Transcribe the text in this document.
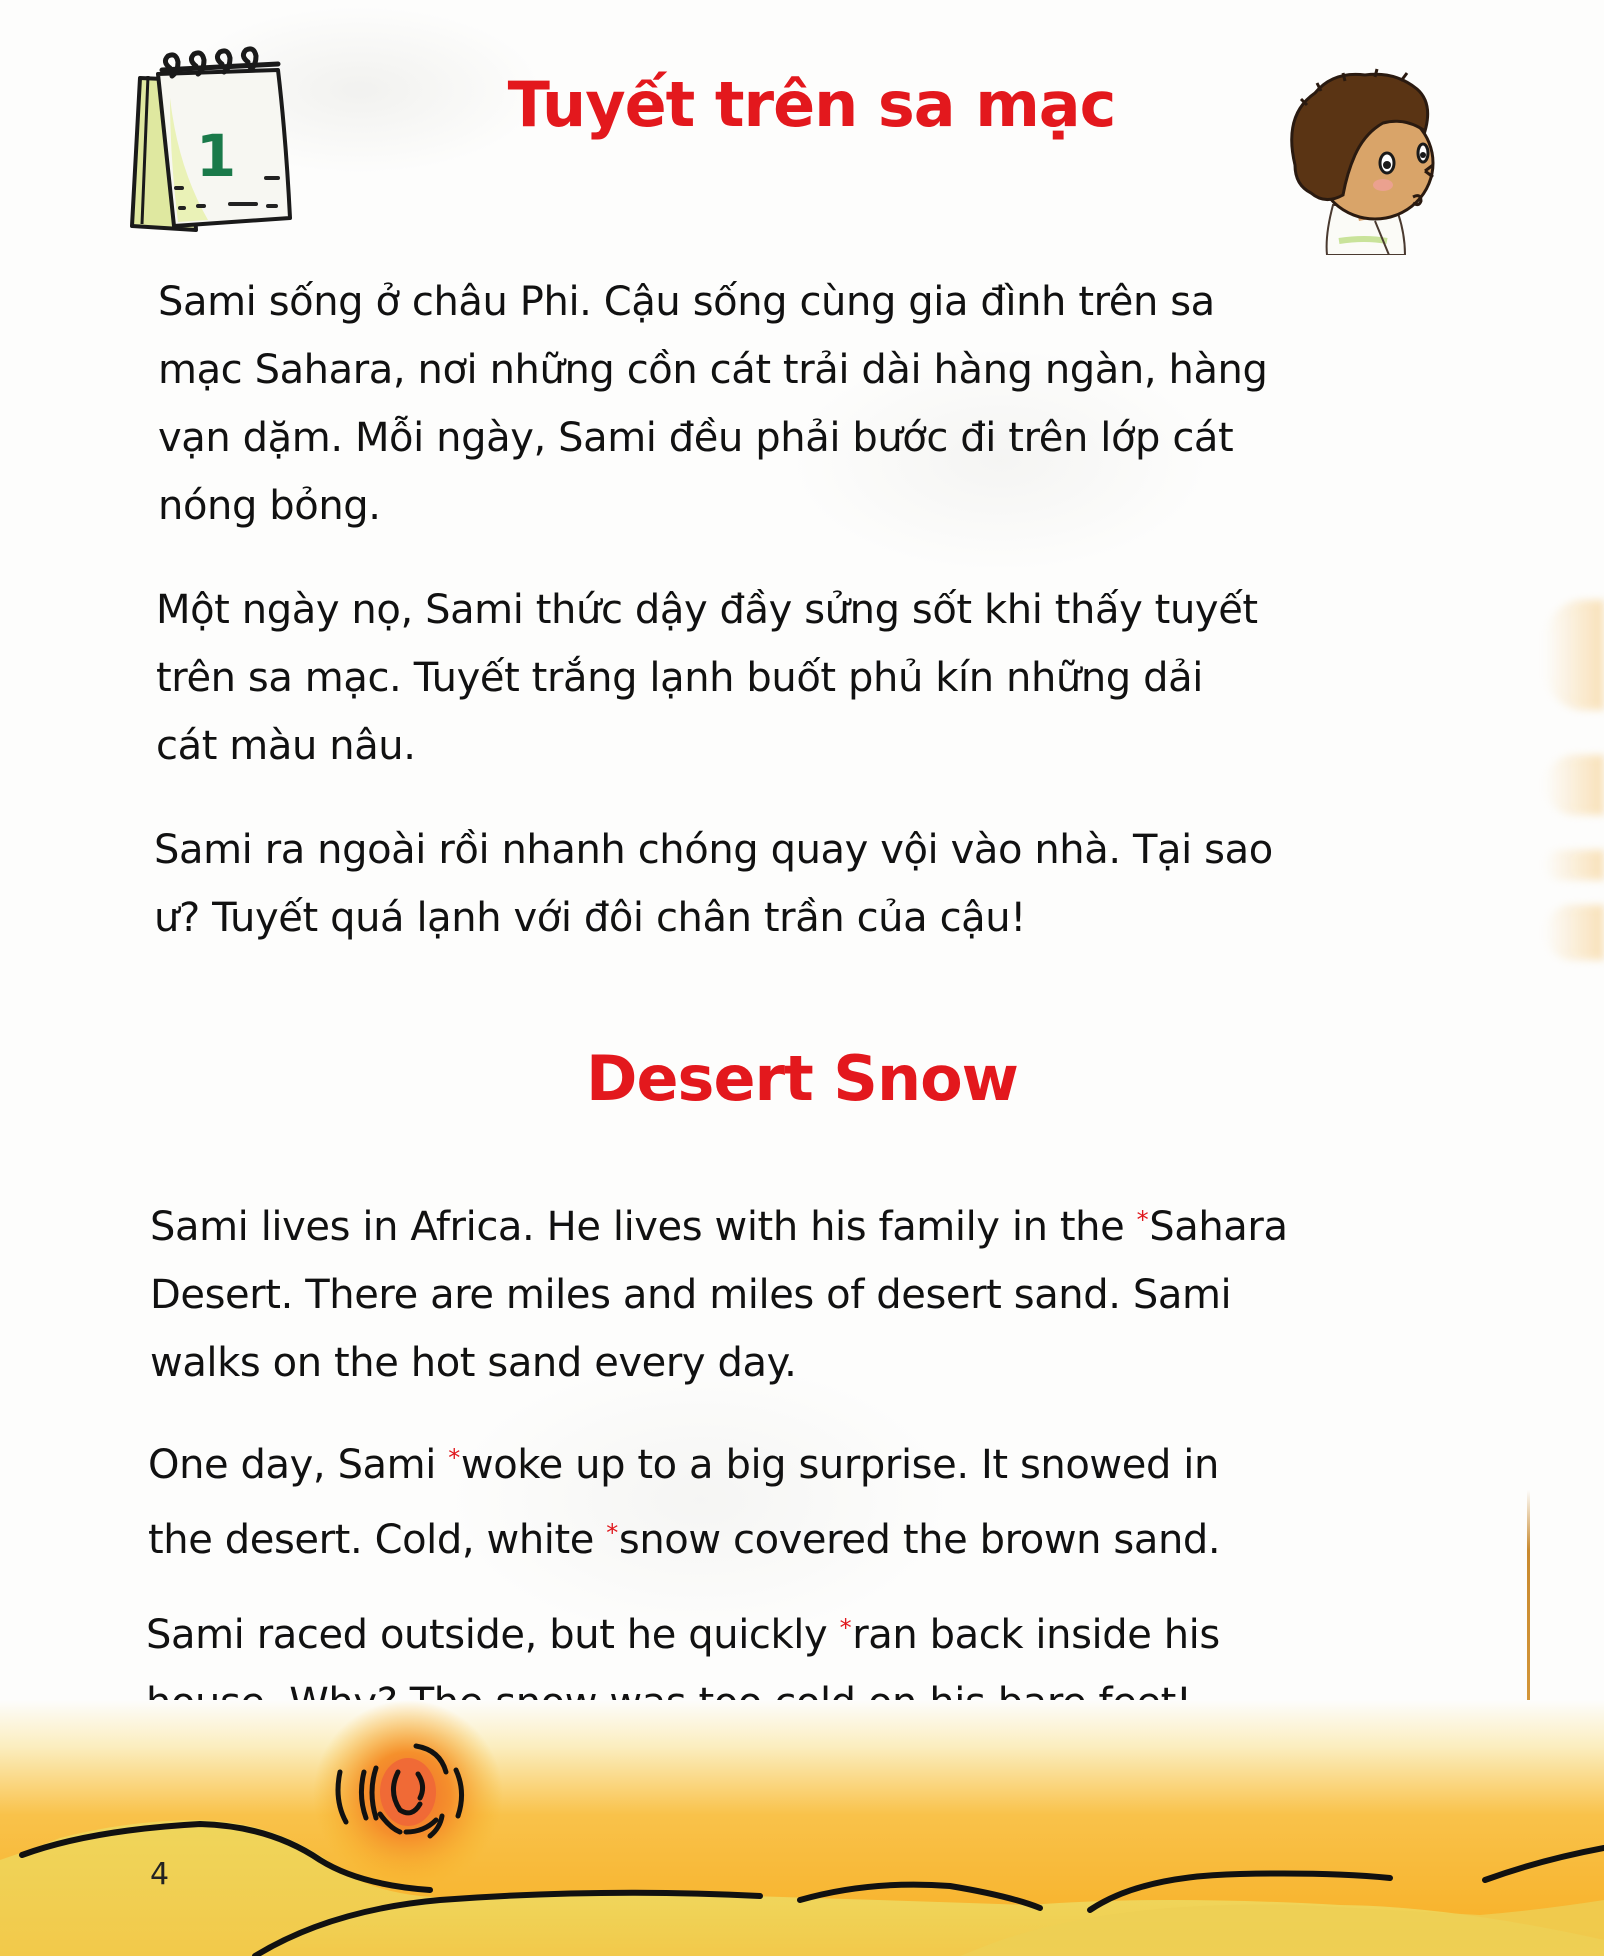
1
Tuyết trên sa mạc
Sami sống ở châu Phi. Cậu sống cùng gia đình trên sa
mạc Sahara, nơi những cồn cát trải dài hàng ngàn, hàng
vạn dặm. Mỗi ngày, Sami đều phải bước đi trên lớp cát
nóng bỏng.
Một ngày nọ, Sami thức dậy đầy sửng sốt khi thấy tuyết
trên sa mạc. Tuyết trắng lạnh buốt phủ kín những dải
cát màu nâu.
Sami ra ngoài rồi nhanh chóng quay vội vào nhà. Tại sao
ư? Tuyết quá lạnh với đôi chân trần của cậu!
Desert Snow
Sami lives in Africa. He lives with his family in the *Sahara
Desert. There are miles and miles of desert sand. Sami
walks on the hot sand every day.
One day, Sami *woke up to a big surprise. It snowed in
the desert. Cold, white *snow covered the brown sand.
Sami raced outside, but he quickly *ran back inside his
4
